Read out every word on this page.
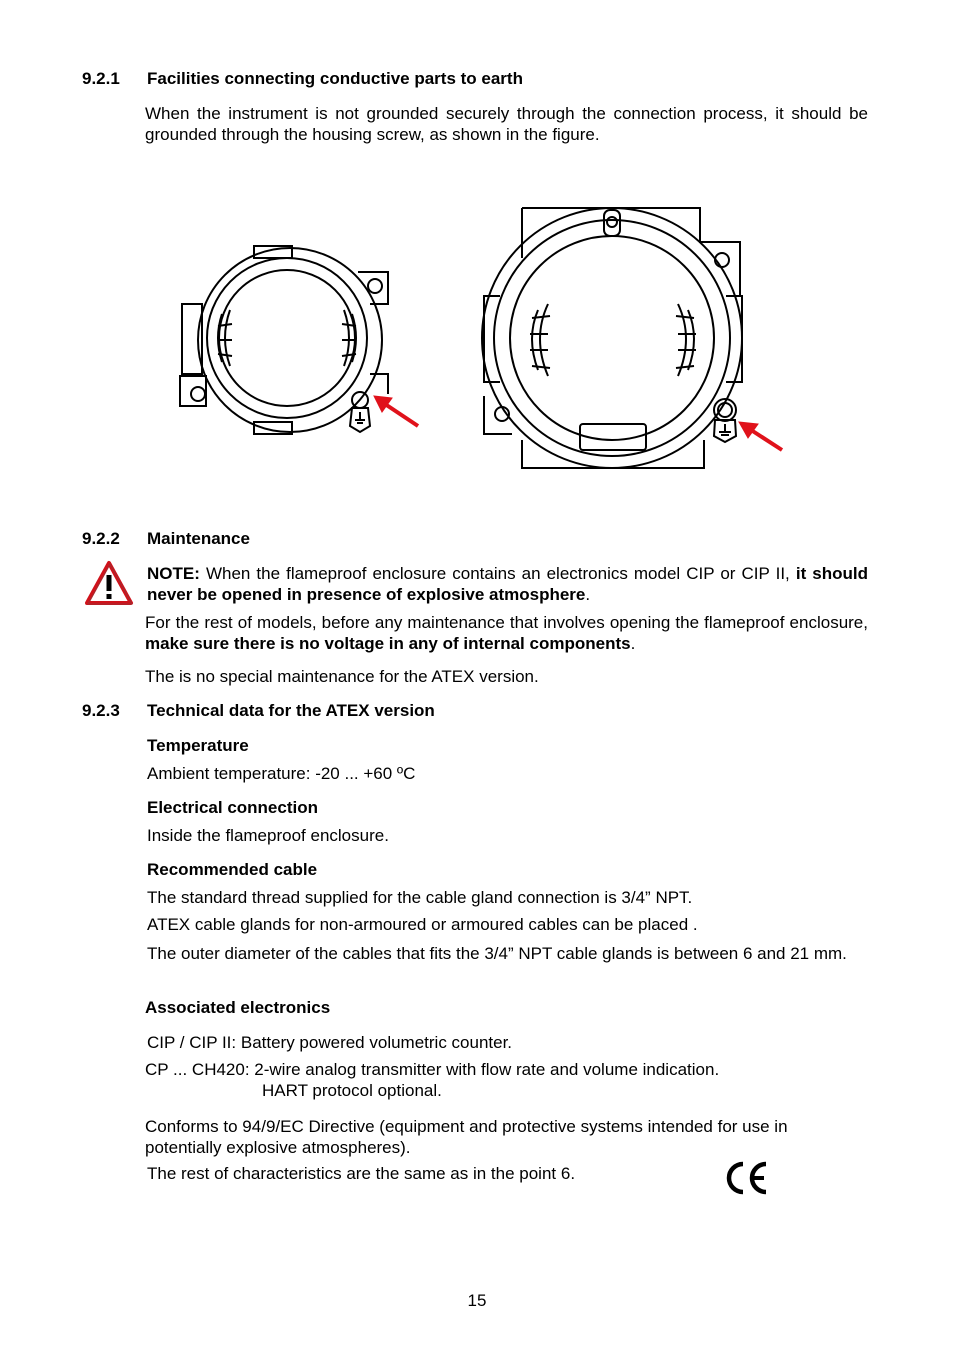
9.2.1 Facilities connecting conductive parts to earth
When the instrument is not grounded securely through the connection process, it should be grounded through the housing screw, as shown in the figure.
9.2.2 Maintenance
NOTE: When the flameproof enclosure contains an electronics model CIP or CIP II, it should never be opened in presence of explosive atmosphere.
For the rest of models, before any maintenance that involves opening the flameproof enclosure, make sure there is no voltage in any of internal components.
The is no special maintenance for the ATEX version.
9.2.3 Technical data for the ATEX version
Temperature
Ambient temperature: -20 ... +60 ºC
Electrical connection
Inside the flameproof enclosure.
Recommended cable
The standard thread supplied for the cable gland connection is 3/4” NPT.
ATEX cable glands for non-armoured or armoured cables can be placed .
The outer diameter of the cables that fits the 3/4” NPT cable glands is between 6 and 21 mm.
Associated electronics
CIP / CIP II: Battery powered volumetric counter.
CP ... CH420: 2-wire analog transmitter with flow rate and volume indication.
HART protocol optional.
Conforms to 94/9/EC Directive (equipment and protective systems intended for use in potentially explosive atmospheres).
The rest of characteristics are the same as in the point 6.
15
